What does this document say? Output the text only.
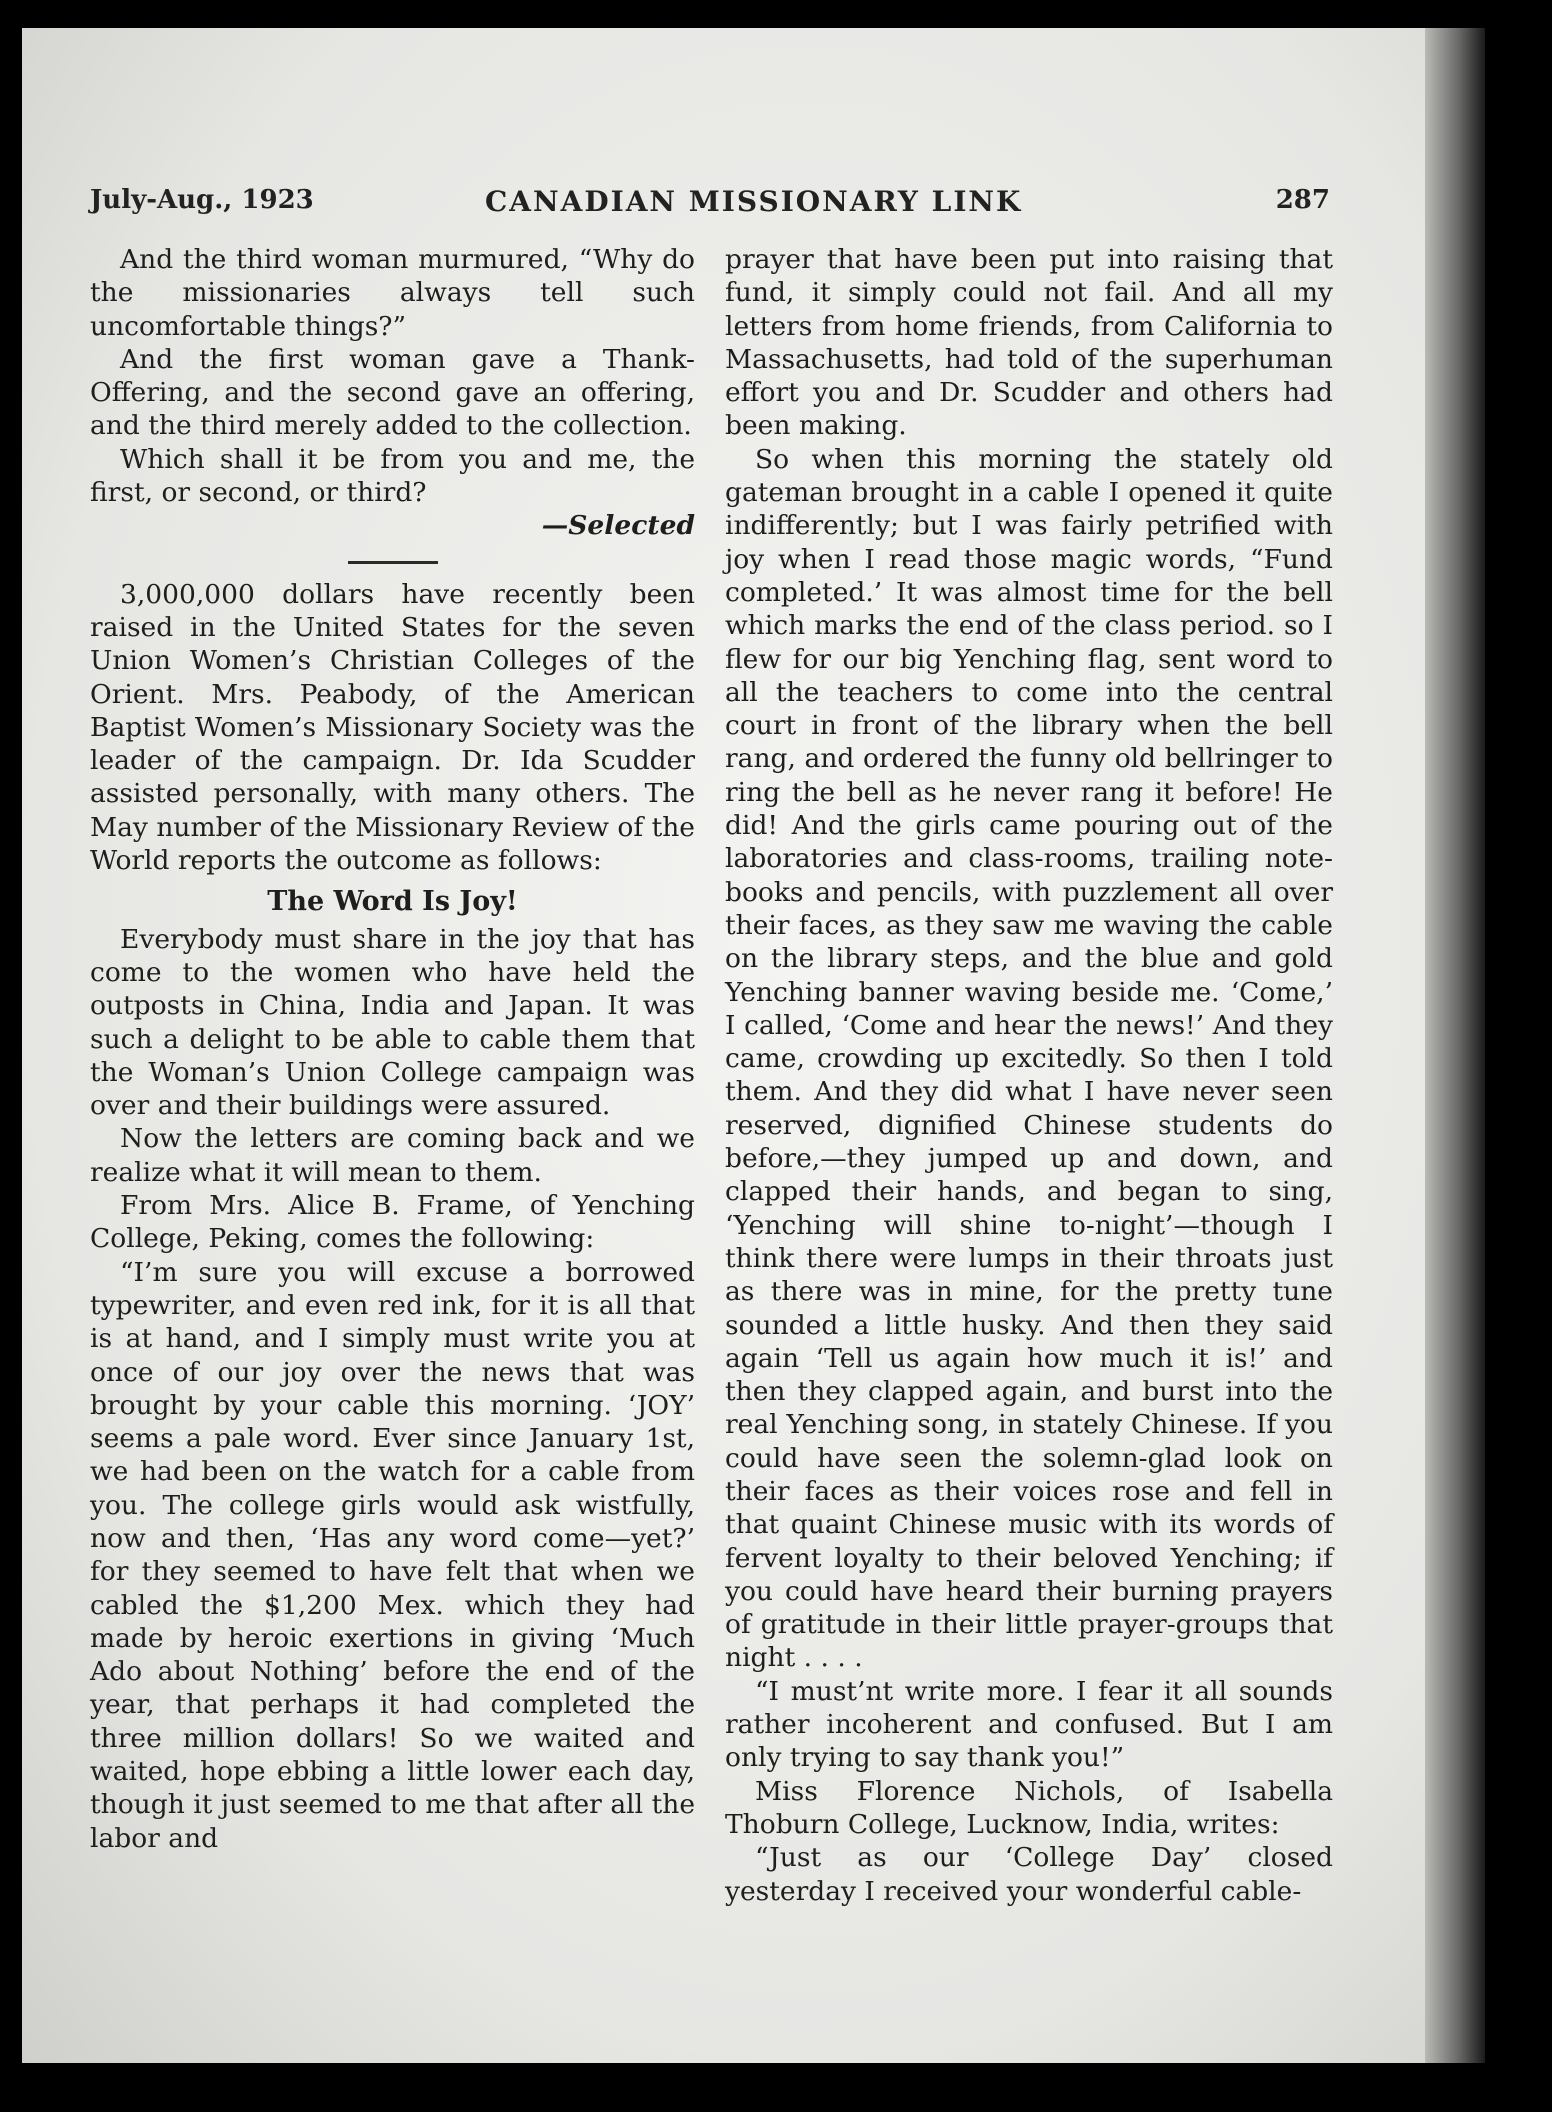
July-Aug., 1923	CANADIAN MISSIONARY LINK	287

And the third woman murmured, “Why do the missionaries always tell such uncomfortable things?”

And the first woman gave a Thank-Offering, and the second gave an offering, and the third merely added to the collection.

Which shall it be from you and me, the first, or second, or third?

—Selected

3,000,000 dollars have recently been raised in the United States for the seven Union Women’s Christian Colleges of the Orient. Mrs. Peabody, of the American Baptist Women’s Missionary Society was the leader of the campaign. Dr. Ida Scudder assisted personally, with many others. The May number of the Missionary Review of the World reports the outcome as follows:

The Word Is Joy!

Everybody must share in the joy that has come to the women who have held the outposts in China, India and Japan. It was such a delight to be able to cable them that the Woman’s Union College campaign was over and their buildings were assured.

Now the letters are coming back and we realize what it will mean to them.

From Mrs. Alice B. Frame, of Yenching College, Peking, comes the following:

“I’m sure you will excuse a borrowed typewriter, and even red ink, for it is all that is at hand, and I simply must write you at once of our joy over the news that was brought by your cable this morning. ‘JOY’ seems a pale word. Ever since January 1st, we had been on the watch for a cable from you. The college girls would ask wistfully, now and then, ‘Has any word come—yet?’ for they seemed to have felt that when we cabled the $1,200 Mex. which they had made by heroic exertions in giving ‘Much Ado about Nothing’ before the end of the year, that perhaps it had completed the three million dollars! So we waited and waited, hope ebbing a little lower each day, though it just seemed to me that after all the labor and

prayer that have been put into raising that fund, it simply could not fail. And all my letters from home friends, from California to Massachusetts, had told of the superhuman effort you and Dr. Scudder and others had been making.

So when this morning the stately old gateman brought in a cable I opened it quite indifferently; but I was fairly petrified with joy when I read those magic words, “Fund completed.’ It was almost time for the bell which marks the end of the class period. so I flew for our big Yenching flag, sent word to all the teachers to come into the central court in front of the library when the bell rang, and ordered the funny old bellringer to ring the bell as he never rang it before! He did! And the girls came pouring out of the laboratories and class-rooms, trailing note-books and pencils, with puzzlement all over their faces, as they saw me waving the cable on the library steps, and the blue and gold Yenching banner waving beside me. ‘Come,’ I called, ‘Come and hear the news!’ And they came, crowding up excitedly. So then I told them. And they did what I have never seen reserved, dignified Chinese students do before,—they jumped up and down, and clapped their hands, and began to sing, ‘Yenching will shine to-night’—though I think there were lumps in their throats just as there was in mine, for the pretty tune sounded a little husky. And then they said again ‘Tell us again how much it is!’ and then they clapped again, and burst into the real Yenching song, in stately Chinese. If you could have seen the solemn-glad look on their faces as their voices rose and fell in that quaint Chinese music with its words of fervent loyalty to their beloved Yenching; if you could have heard their burning prayers of gratitude in their little prayer-groups that night . . . .

“I must’nt write more. I fear it all sounds rather incoherent and confused. But I am only trying to say thank you!”

Miss Florence Nichols, of Isabella Thoburn College, Lucknow, India, writes:

“Just as our ‘College Day’ closed yesterday I received your wonderful cable-
